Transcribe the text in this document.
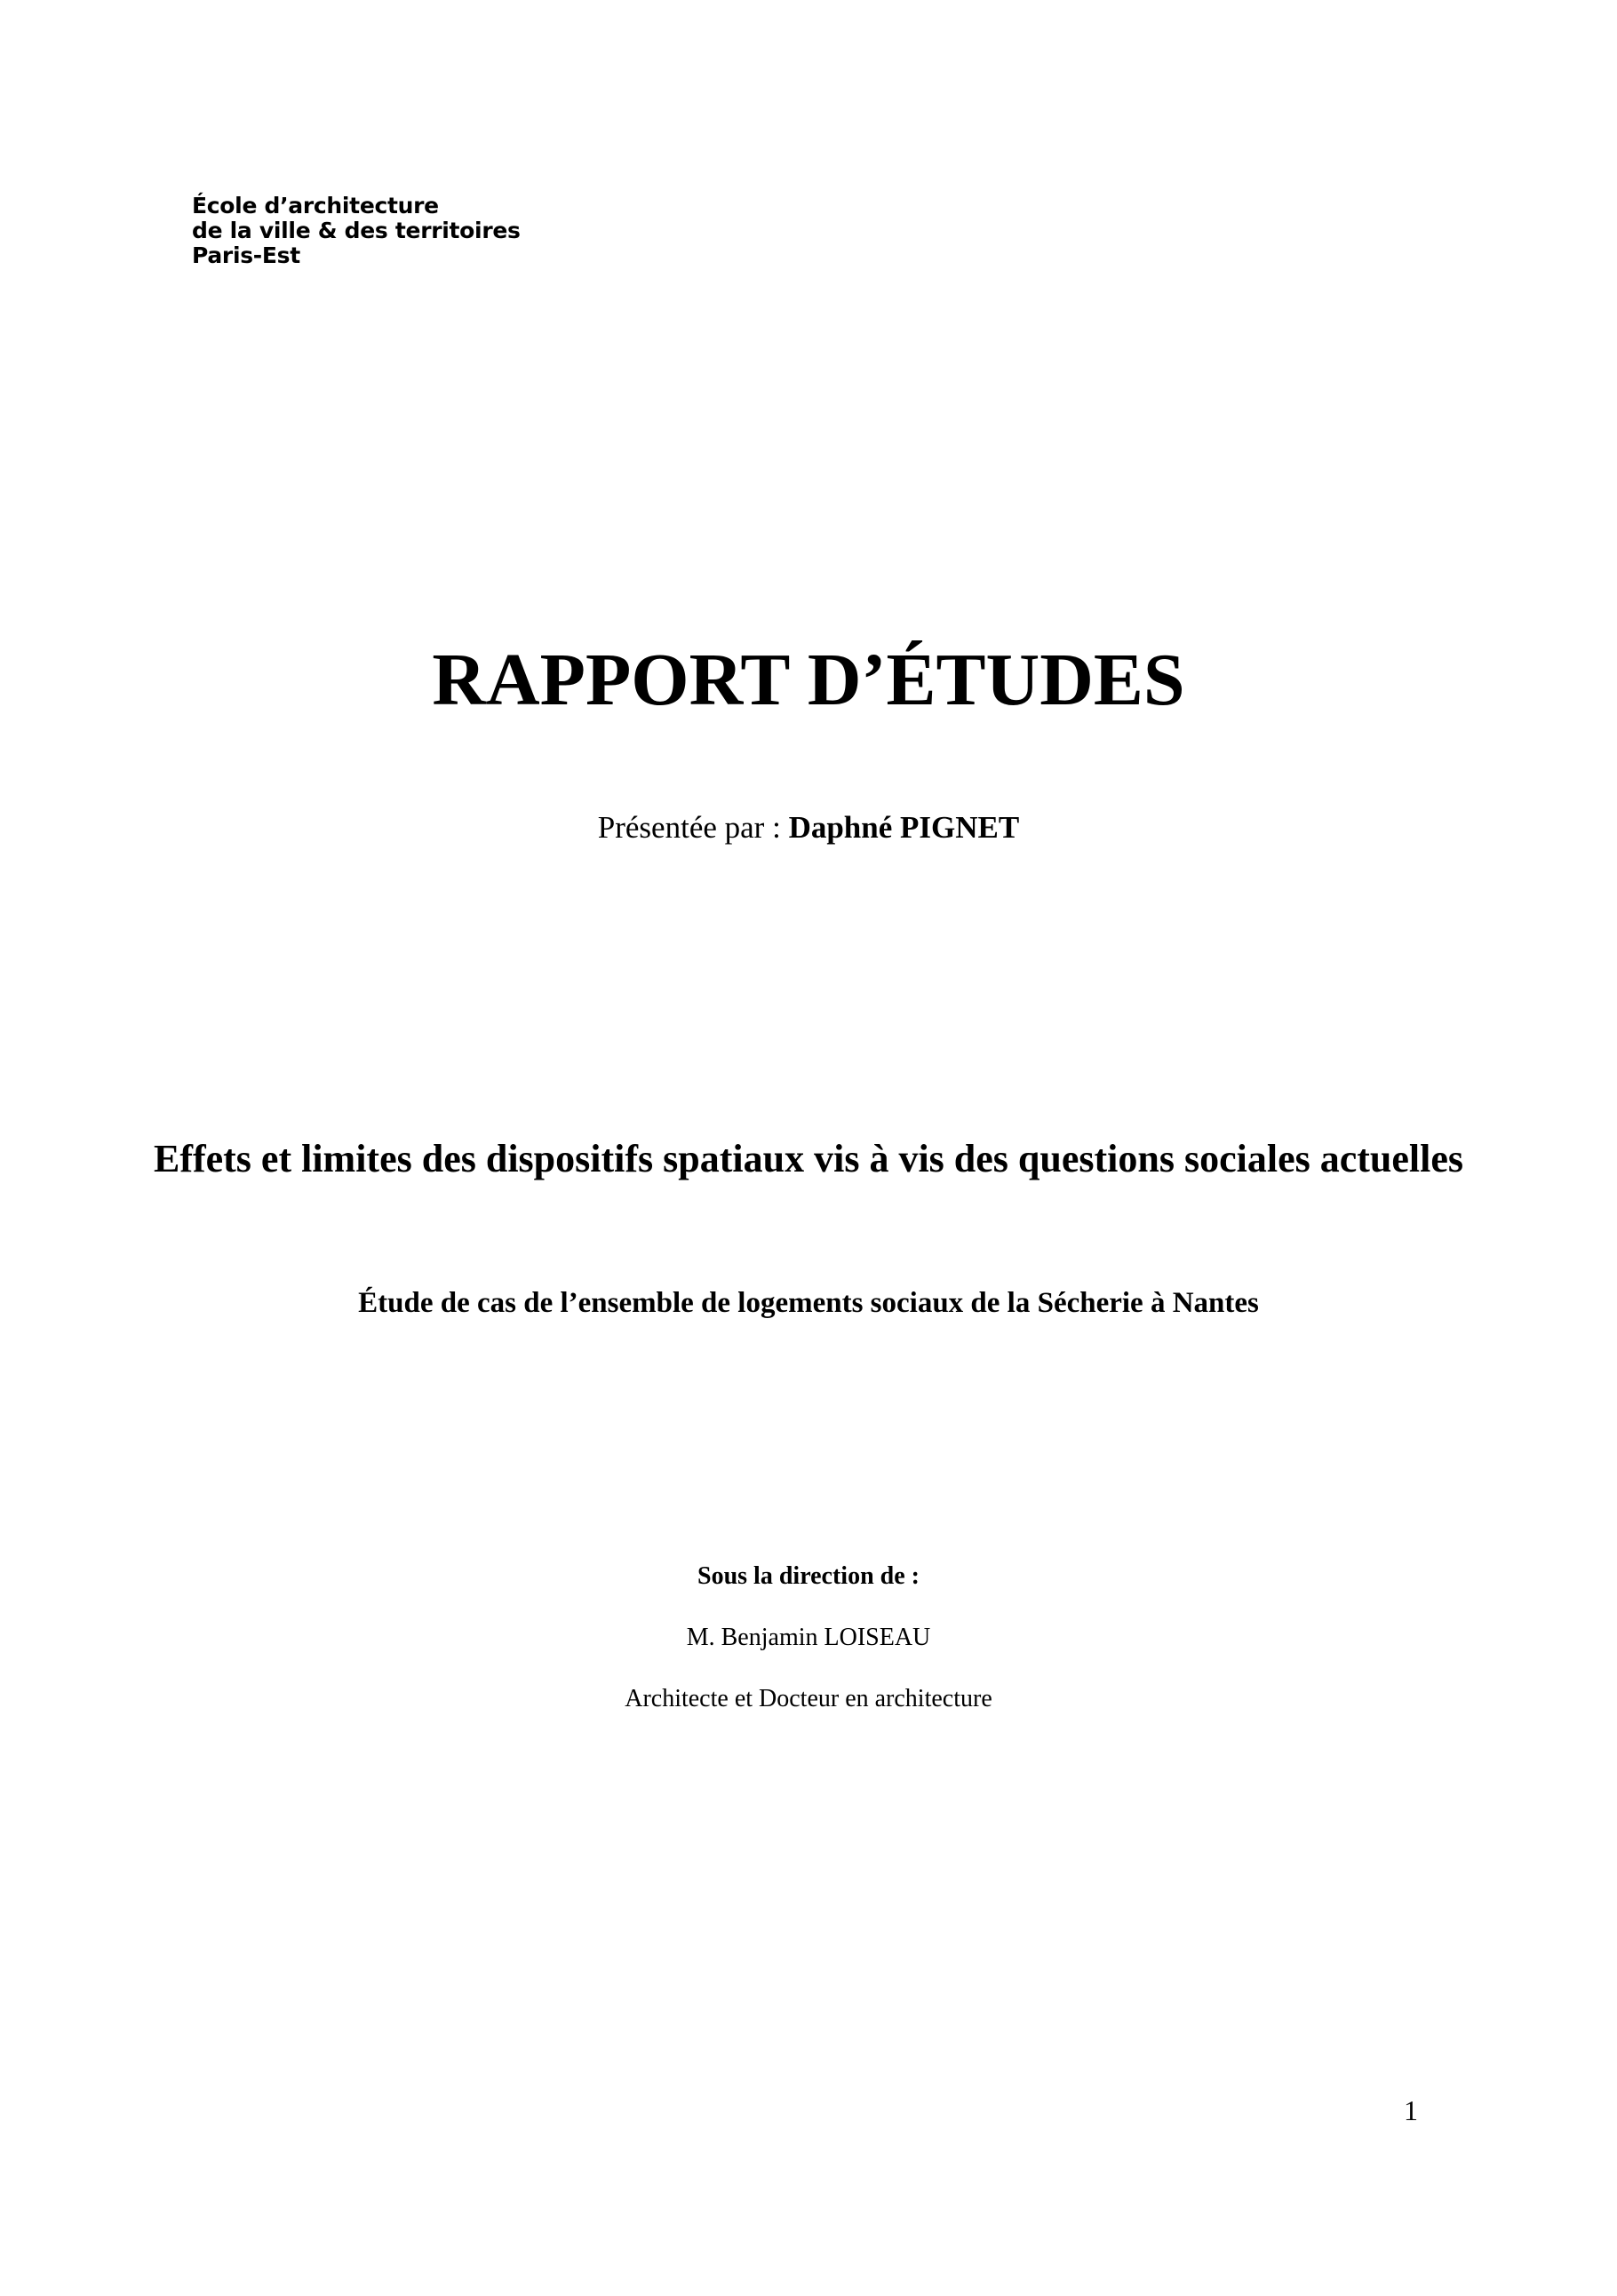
École d’architecture
de la ville & des territoires
Paris-Est
RAPPORT D’ÉTUDES
Présentée par : Daphné PIGNET
Effets et limites des dispositifs spatiaux vis à vis des questions sociales actuelles
Étude de cas de l’ensemble de logements sociaux de la Sécherie à Nantes
Sous la direction de :
M. Benjamin LOISEAU
Architecte et Docteur en architecture
1
